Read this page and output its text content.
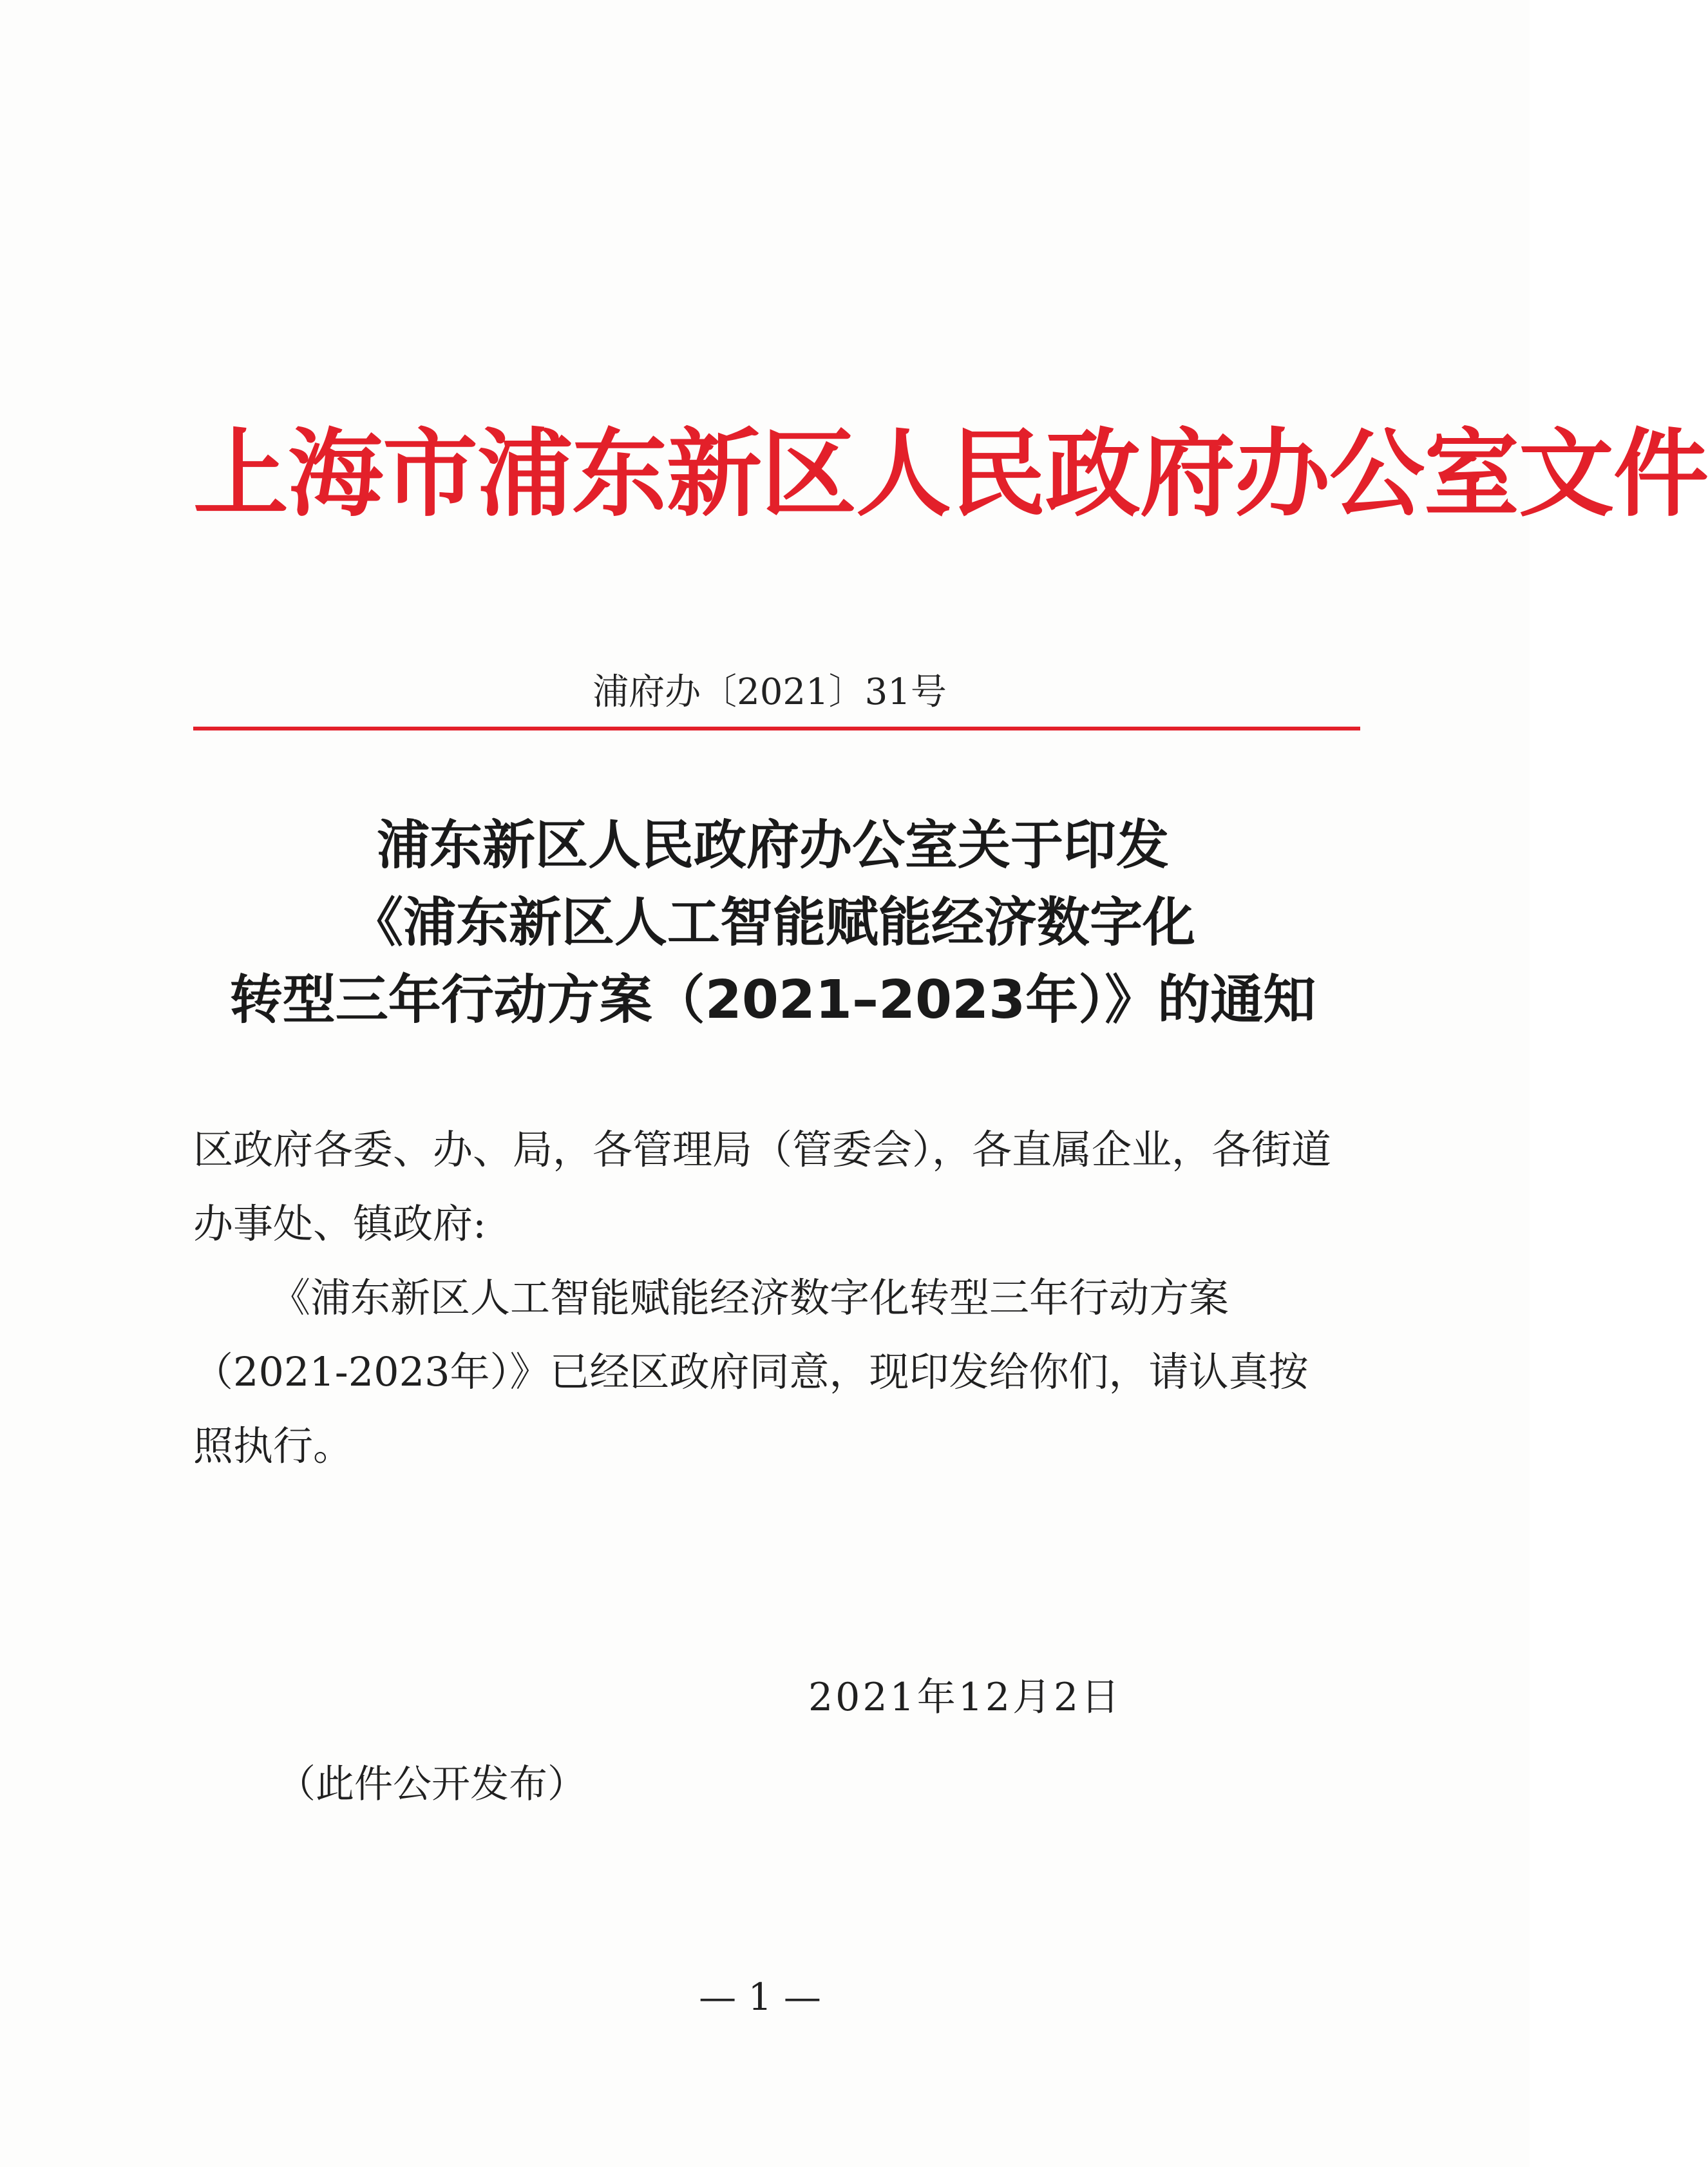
上海市浦东新区人民政府办公室文件
浦府办〔2021〕31号
浦东新区人民政府办公室关于印发
《浦东新区人工智能赋能经济数字化
转型三年行动方案（2021–2023年）》的通知
区政府各委、办、局，各管理局（管委会），各直属企业，各街道
办事处、镇政府:
《浦东新区人工智能赋能经济数字化转型三年行动方案
（2021-2023年）》已经区政府同意，现印发给你们，请认真按
照执行。
2021年12月2日
（此件公开发布）
— 1 —
